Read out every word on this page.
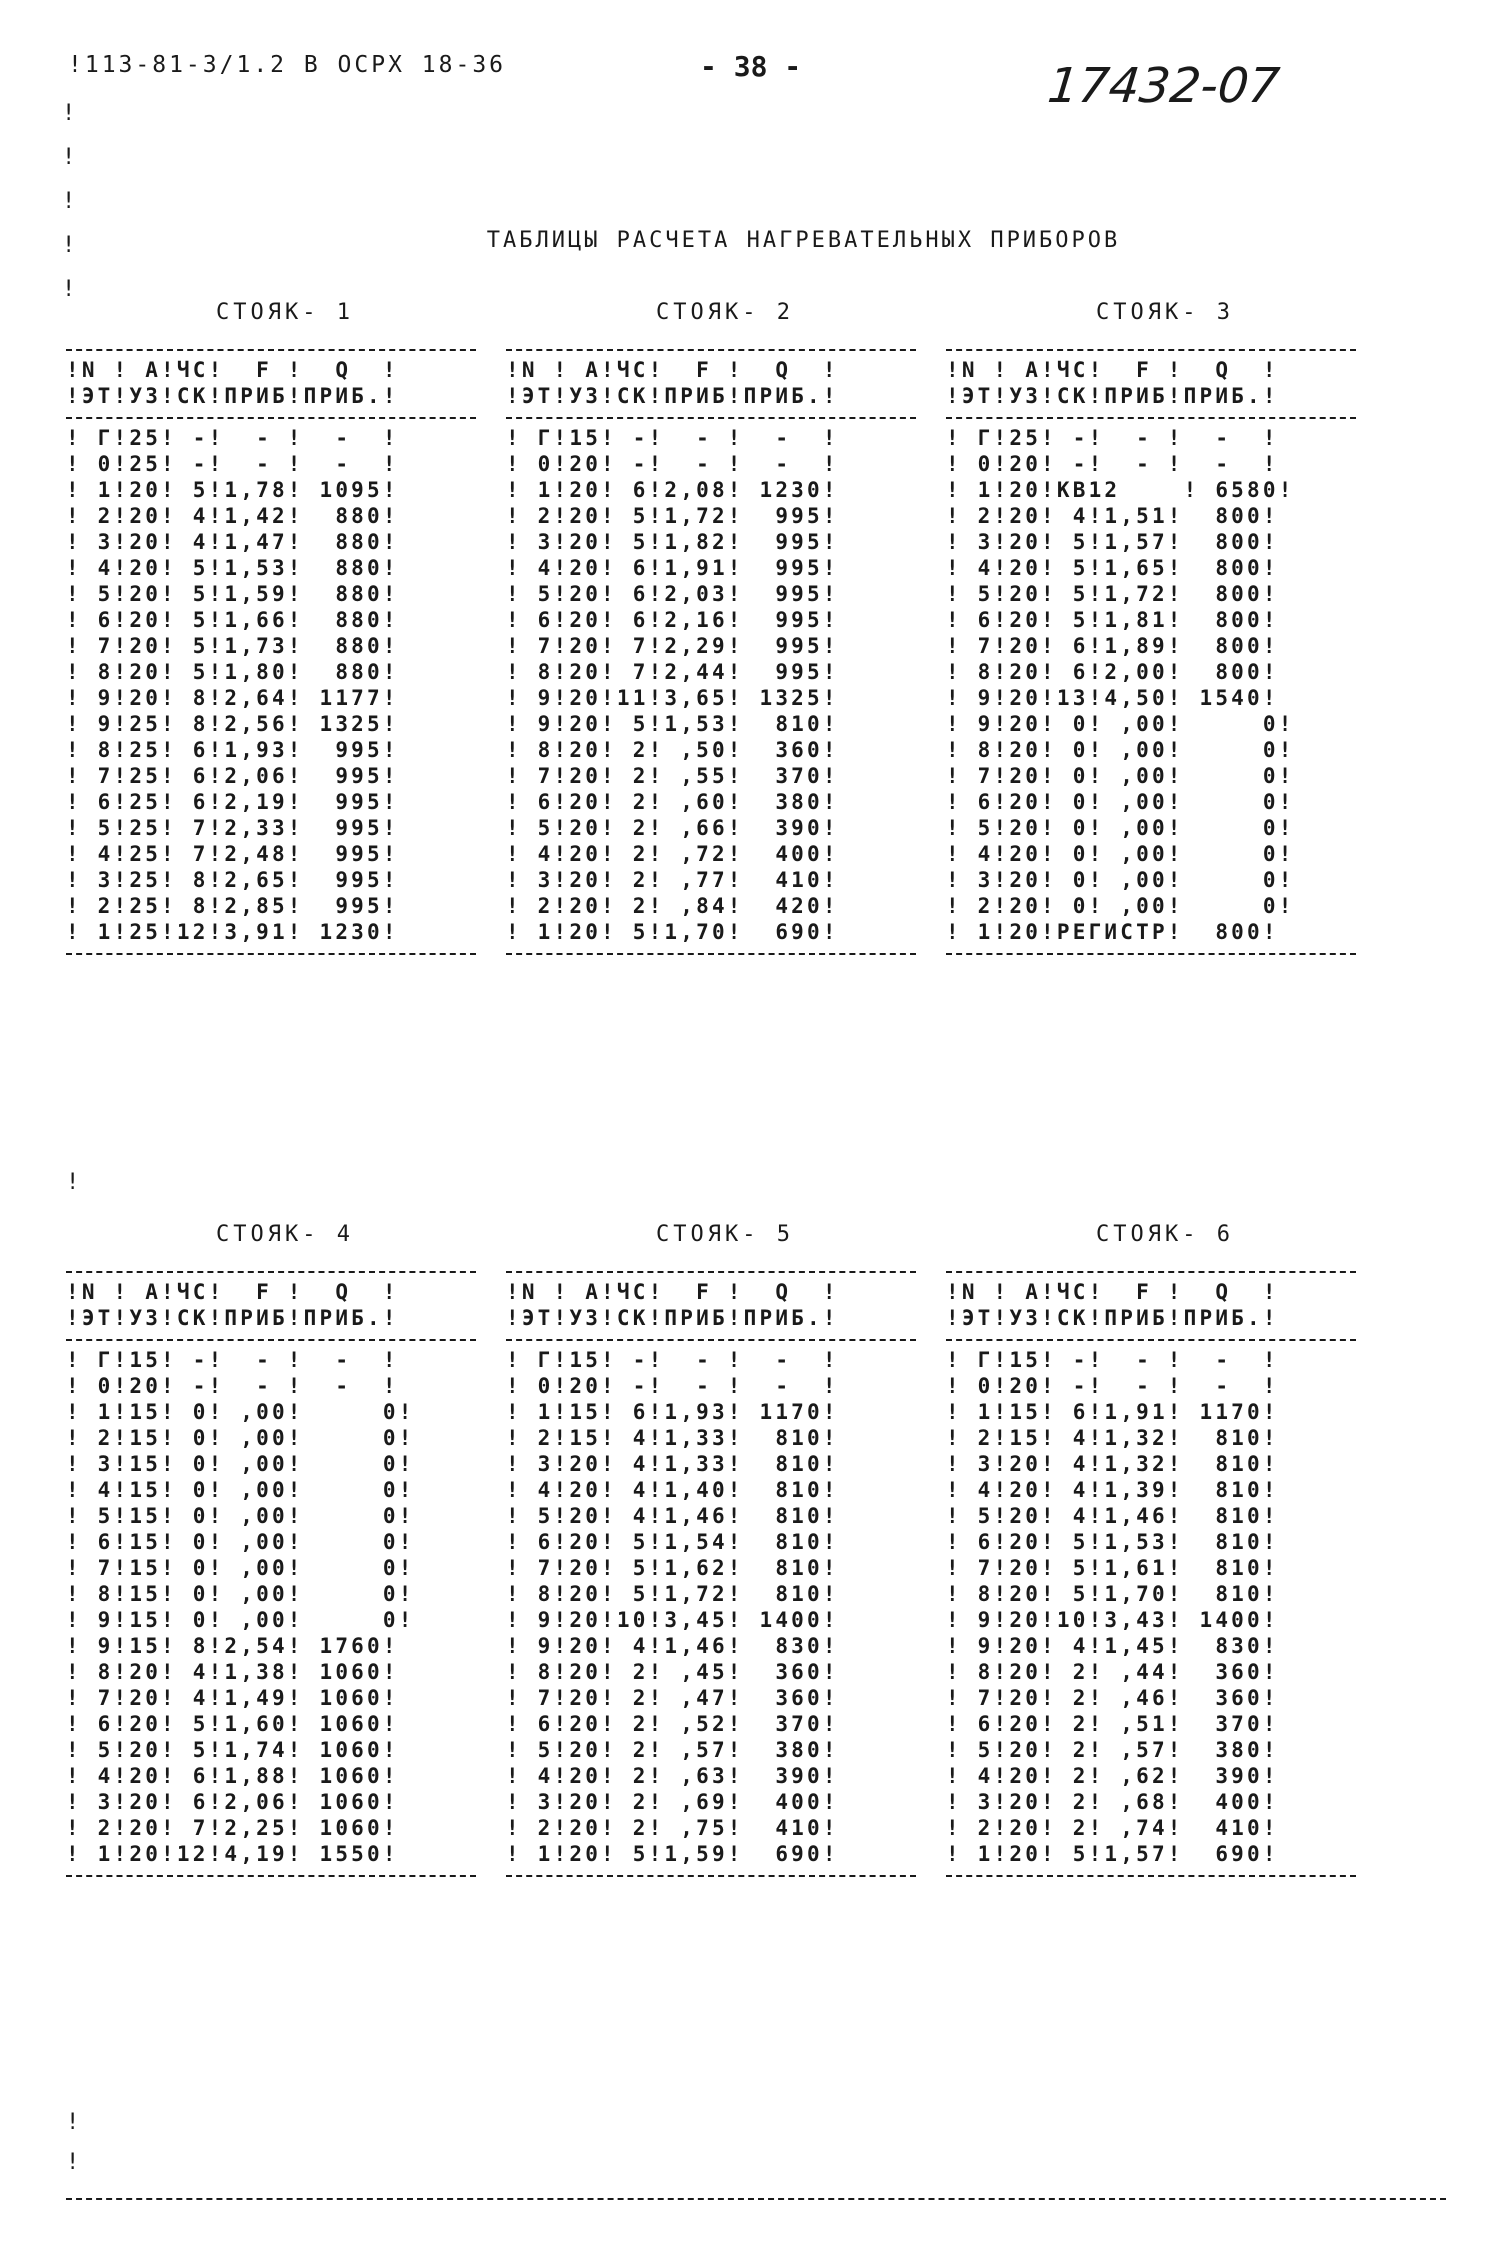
!113-81-3/1.2 В ОСРХ 18-36	- 38 -	17432-07
!
!
!
!
!
ТАБЛИЦЫ РАСЧЕТА НАГРЕВАТЕЛЬНЫХ ПРИБОРОВ
СТОЯК- 1	СТОЯК- 2	СТОЯК- 3
!N ! А!ЧС!  F !  Q  !
!ЭТ!УЗ!СК!ПРИБ!ПРИБ.!
! Г!25! -!  - !  -  !
! 0!25! -!  - !  -  !
! 1!20! 5!1,78! 1095!
! 2!20! 4!1,42!  880!
! 3!20! 4!1,47!  880!
! 4!20! 5!1,53!  880!
! 5!20! 5!1,59!  880!
! 6!20! 5!1,66!  880!
! 7!20! 5!1,73!  880!
! 8!20! 5!1,80!  880!
! 9!20! 8!2,64! 1177!
! 9!25! 8!2,56! 1325!
! 8!25! 6!1,93!  995!
! 7!25! 6!2,06!  995!
! 6!25! 6!2,19!  995!
! 5!25! 7!2,33!  995!
! 4!25! 7!2,48!  995!
! 3!25! 8!2,65!  995!
! 2!25! 8!2,85!  995!
! 1!25!12!3,91! 1230!
!N ! А!ЧС!  F !  Q  !
!ЭТ!УЗ!СК!ПРИБ!ПРИБ.!
! Г!15! -!  - !  -  !
! 0!20! -!  - !  -  !
! 1!20! 6!2,08! 1230!
! 2!20! 5!1,72!  995!
! 3!20! 5!1,82!  995!
! 4!20! 6!1,91!  995!
! 5!20! 6!2,03!  995!
! 6!20! 6!2,16!  995!
! 7!20! 7!2,29!  995!
! 8!20! 7!2,44!  995!
! 9!20!11!3,65! 1325!
! 9!20! 5!1,53!  810!
! 8!20! 2! ,50!  360!
! 7!20! 2! ,55!  370!
! 6!20! 2! ,60!  380!
! 5!20! 2! ,66!  390!
! 4!20! 2! ,72!  400!
! 3!20! 2! ,77!  410!
! 2!20! 2! ,84!  420!
! 1!20! 5!1,70!  690!
!N ! А!ЧС!  F !  Q  !
!ЭТ!УЗ!СК!ПРИБ!ПРИБ.!
! Г!25! -!  - !  -  !
! 0!20! -!  - !  -  !
! 1!20!КВ12    ! 6580!
! 2!20! 4!1,51!  800!
! 3!20! 5!1,57!  800!
! 4!20! 5!1,65!  800!
! 5!20! 5!1,72!  800!
! 6!20! 5!1,81!  800!
! 7!20! 6!1,89!  800!
! 8!20! 6!2,00!  800!
! 9!20!13!4,50! 1540!
! 9!20! 0! ,00!     0!
! 8!20! 0! ,00!     0!
! 7!20! 0! ,00!     0!
! 6!20! 0! ,00!     0!
! 5!20! 0! ,00!     0!
! 4!20! 0! ,00!     0!
! 3!20! 0! ,00!     0!
! 2!20! 0! ,00!     0!
! 1!20!РЕГИСТР!  800!
!
СТОЯК- 4	СТОЯК- 5	СТОЯК- 6
!N ! А!ЧС!  F !  Q  !
!ЭТ!УЗ!СК!ПРИБ!ПРИБ.!
! Г!15! -!  - !  -  !
! 0!20! -!  - !  -  !
! 1!15! 0! ,00!     0!
! 2!15! 0! ,00!     0!
! 3!15! 0! ,00!     0!
! 4!15! 0! ,00!     0!
! 5!15! 0! ,00!     0!
! 6!15! 0! ,00!     0!
! 7!15! 0! ,00!     0!
! 8!15! 0! ,00!     0!
! 9!15! 0! ,00!     0!
! 9!15! 8!2,54! 1760!
! 8!20! 4!1,38! 1060!
! 7!20! 4!1,49! 1060!
! 6!20! 5!1,60! 1060!
! 5!20! 5!1,74! 1060!
! 4!20! 6!1,88! 1060!
! 3!20! 6!2,06! 1060!
! 2!20! 7!2,25! 1060!
! 1!20!12!4,19! 1550!
!N ! А!ЧС!  F !  Q  !
!ЭТ!УЗ!СК!ПРИБ!ПРИБ.!
! Г!15! -!  - !  -  !
! 0!20! -!  - !  -  !
! 1!15! 6!1,93! 1170!
! 2!15! 4!1,33!  810!
! 3!20! 4!1,33!  810!
! 4!20! 4!1,40!  810!
! 5!20! 4!1,46!  810!
! 6!20! 5!1,54!  810!
! 7!20! 5!1,62!  810!
! 8!20! 5!1,72!  810!
! 9!20!10!3,45! 1400!
! 9!20! 4!1,46!  830!
! 8!20! 2! ,45!  360!
! 7!20! 2! ,47!  360!
! 6!20! 2! ,52!  370!
! 5!20! 2! ,57!  380!
! 4!20! 2! ,63!  390!
! 3!20! 2! ,69!  400!
! 2!20! 2! ,75!  410!
! 1!20! 5!1,59!  690!
!N ! А!ЧС!  F !  Q  !
!ЭТ!УЗ!СК!ПРИБ!ПРИБ.!
! Г!15! -!  - !  -  !
! 0!20! -!  - !  -  !
! 1!15! 6!1,91! 1170!
! 2!15! 4!1,32!  810!
! 3!20! 4!1,32!  810!
! 4!20! 4!1,39!  810!
! 5!20! 4!1,46!  810!
! 6!20! 5!1,53!  810!
! 7!20! 5!1,61!  810!
! 8!20! 5!1,70!  810!
! 9!20!10!3,43! 1400!
! 9!20! 4!1,45!  830!
! 8!20! 2! ,44!  360!
! 7!20! 2! ,46!  360!
! 6!20! 2! ,51!  370!
! 5!20! 2! ,57!  380!
! 4!20! 2! ,62!  390!
! 3!20! 2! ,68!  400!
! 2!20! 2! ,74!  410!
! 1!20! 5!1,57!  690!
!
!
